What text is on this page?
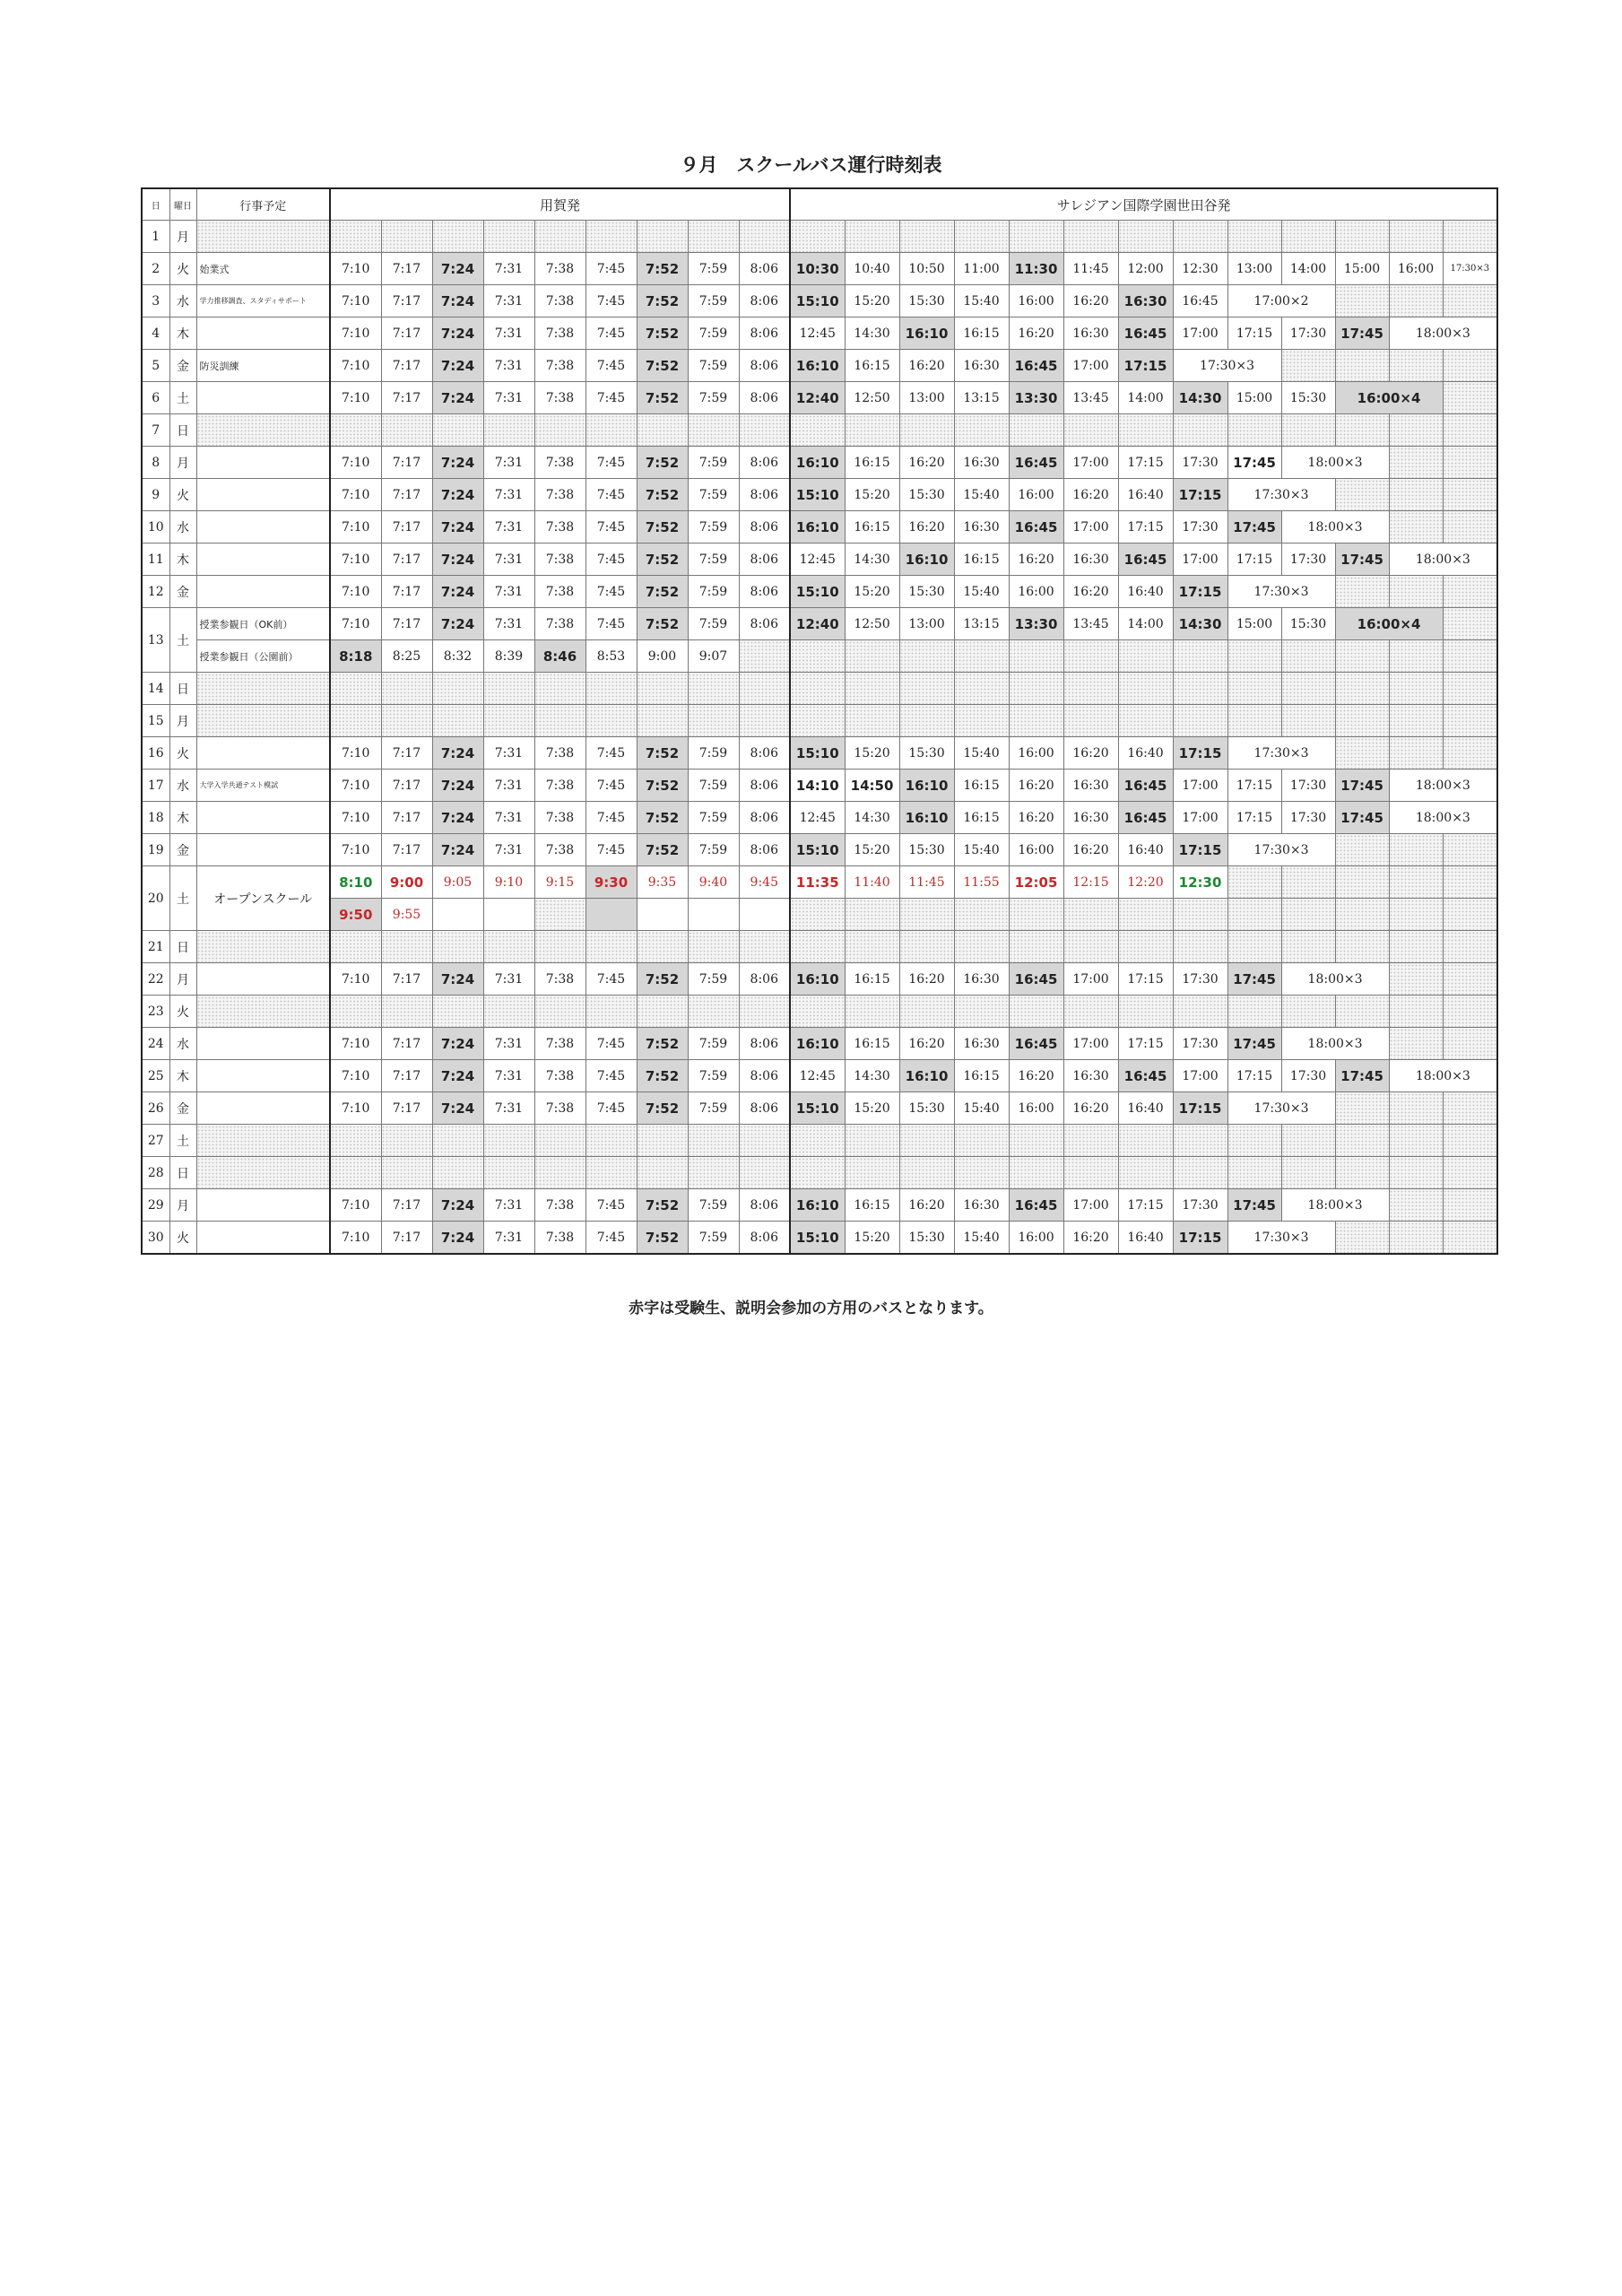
９月　スクールバス運行時刻表
日	曜日	行事予定	用賀発									サレジアン国際学園世田谷発												
1	月																							
2	火	始業式	7:10	7:17	7:24	7:31	7:38	7:45	7:52	7:59	8:06	10:30	10:40	10:50	11:00	11:30	11:45	12:00	12:30	13:00	14:00	15:00	16:00	17:30×3
3	水	学力推移調査、スタディサポート	7:10	7:17	7:24	7:31	7:38	7:45	7:52	7:59	8:06	15:10	15:20	15:30	15:40	16:00	16:20	16:30	16:45	17:00×2				
4	木		7:10	7:17	7:24	7:31	7:38	7:45	7:52	7:59	8:06	12:45	14:30	16:10	16:15	16:20	16:30	16:45	17:00	17:15	17:30	17:45	18:00×3	
5	金	防災訓練	7:10	7:17	7:24	7:31	7:38	7:45	7:52	7:59	8:06	16:10	16:15	16:20	16:30	16:45	17:00	17:15	17:30×3					
6	土		7:10	7:17	7:24	7:31	7:38	7:45	7:52	7:59	8:06	12:40	12:50	13:00	13:15	13:30	13:45	14:00	14:30	15:00	15:30	16:00×4		
7	日																							
8	月		7:10	7:17	7:24	7:31	7:38	7:45	7:52	7:59	8:06	16:10	16:15	16:20	16:30	16:45	17:00	17:15	17:30	17:45	18:00×3			
9	火		7:10	7:17	7:24	7:31	7:38	7:45	7:52	7:59	8:06	15:10	15:20	15:30	15:40	16:00	16:20	16:40	17:15	17:30×3				
10	水		7:10	7:17	7:24	7:31	7:38	7:45	7:52	7:59	8:06	16:10	16:15	16:20	16:30	16:45	17:00	17:15	17:30	17:45	18:00×3			
11	木		7:10	7:17	7:24	7:31	7:38	7:45	7:52	7:59	8:06	12:45	14:30	16:10	16:15	16:20	16:30	16:45	17:00	17:15	17:30	17:45	18:00×3	
12	金		7:10	7:17	7:24	7:31	7:38	7:45	7:52	7:59	8:06	15:10	15:20	15:30	15:40	16:00	16:20	16:40	17:15	17:30×3				
13	土	授業参観日（OK前）	7:10	7:17	7:24	7:31	7:38	7:45	7:52	7:59	8:06	12:40	12:50	13:00	13:15	13:30	13:45	14:00	14:30	15:00	15:30	16:00×4		
		授業参観日（公園前）	8:18	8:25	8:32	8:39	8:46	8:53	9:00	9:07														
14	日																							
15	月																							
16	火		7:10	7:17	7:24	7:31	7:38	7:45	7:52	7:59	8:06	15:10	15:20	15:30	15:40	16:00	16:20	16:40	17:15	17:30×3				
17	水	大学入学共通テスト模試	7:10	7:17	7:24	7:31	7:38	7:45	7:52	7:59	8:06	14:10	14:50	16:10	16:15	16:20	16:30	16:45	17:00	17:15	17:30	17:45	18:00×3	
18	木		7:10	7:17	7:24	7:31	7:38	7:45	7:52	7:59	8:06	12:45	14:30	16:10	16:15	16:20	16:30	16:45	17:00	17:15	17:30	17:45	18:00×3	
19	金		7:10	7:17	7:24	7:31	7:38	7:45	7:52	7:59	8:06	15:10	15:20	15:30	15:40	16:00	16:20	16:40	17:15	17:30×3				
20	土	オープンスクール	8:10	9:00	9:05	9:10	9:15	9:30	9:35	9:40	9:45	11:35	11:40	11:45	11:55	12:05	12:15	12:20	12:30					
			9:50	9:55																				
21	日																							
22	月		7:10	7:17	7:24	7:31	7:38	7:45	7:52	7:59	8:06	16:10	16:15	16:20	16:30	16:45	17:00	17:15	17:30	17:45	18:00×3			
23	火																							
24	水		7:10	7:17	7:24	7:31	7:38	7:45	7:52	7:59	8:06	16:10	16:15	16:20	16:30	16:45	17:00	17:15	17:30	17:45	18:00×3			
25	木		7:10	7:17	7:24	7:31	7:38	7:45	7:52	7:59	8:06	12:45	14:30	16:10	16:15	16:20	16:30	16:45	17:00	17:15	17:30	17:45	18:00×3	
26	金		7:10	7:17	7:24	7:31	7:38	7:45	7:52	7:59	8:06	15:10	15:20	15:30	15:40	16:00	16:20	16:40	17:15	17:30×3				
27	土																							
28	日																							
29	月		7:10	7:17	7:24	7:31	7:38	7:45	7:52	7:59	8:06	16:10	16:15	16:20	16:30	16:45	17:00	17:15	17:30	17:45	18:00×3			
30	火		7:10	7:17	7:24	7:31	7:38	7:45	7:52	7:59	8:06	15:10	15:20	15:30	15:40	16:00	16:20	16:40	17:15	17:30×3				
赤字は受験生、説明会参加の方用のバスとなります。
